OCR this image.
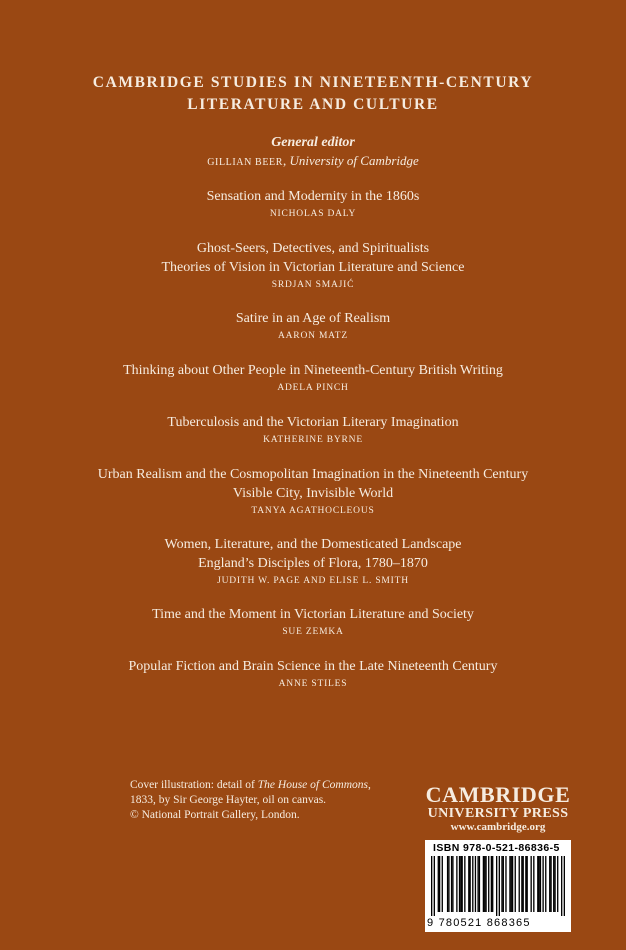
CAMBRIDGE STUDIES IN NINETEENTH-CENTURY
LITERATURE AND CULTURE
General editor
GILLIAN BEER, University of Cambridge
Sensation and Modernity in the 1860s
NICHOLAS DALY
Ghost-Seers, Detectives, and Spiritualists
Theories of Vision in Victorian Literature and Science
SRDJAN SMAJIĆ
Satire in an Age of Realism
AARON MATZ
Thinking about Other People in Nineteenth-Century British Writing
ADELA PINCH
Tuberculosis and the Victorian Literary Imagination
KATHERINE BYRNE
Urban Realism and the Cosmopolitan Imagination in the Nineteenth Century
Visible City, Invisible World
TANYA AGATHOCLEOUS
Women, Literature, and the Domesticated Landscape
England’s Disciples of Flora, 1780–1870
JUDITH W. PAGE AND ELISE L. SMITH
Time and the Moment in Victorian Literature and Society
SUE ZEMKA
Popular Fiction and Brain Science in the Late Nineteenth Century
ANNE STILES
Cover illustration: detail of The House of Commons,
1833, by Sir George Hayter, oil on canvas.
© National Portrait Gallery, London.
CAMBRIDGE
UNIVERSITY PRESS
www.cambridge.org
ISBN 978-0-521-86836-5
9 780521 868365
